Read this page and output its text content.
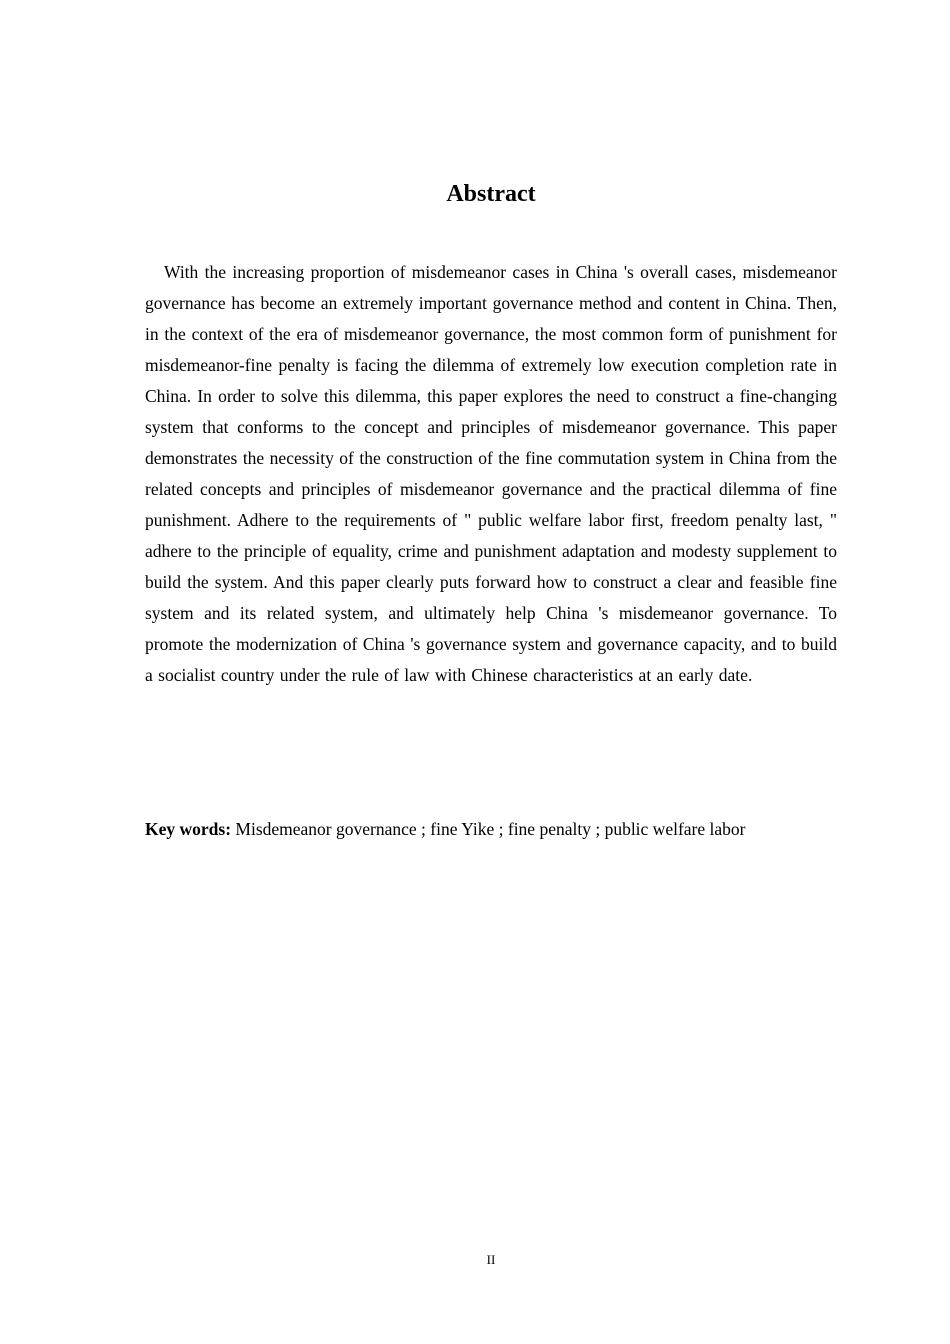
Abstract

With the increasing proportion of misdemeanor cases in China 's overall cases, misdemeanor governance has become an extremely important governance method and content in China. Then, in the context of the era of misdemeanor governance, the most common form of punishment for misdemeanor-fine penalty is facing the dilemma of extremely low execution completion rate in China. In order to solve this dilemma, this paper explores the need to construct a fine-changing system that conforms to the concept and principles of misdemeanor governance. This paper demonstrates the necessity of the construction of the fine commutation system in China from the related concepts and principles of misdemeanor governance and the practical dilemma of fine punishment. Adhere to the requirements of " public welfare labor first, freedom penalty last, " adhere to the principle of equality, crime and punishment adaptation and modesty supplement to build the system. And this paper clearly puts forward how to construct a clear and feasible fine system and its related system, and ultimately help China 's misdemeanor governance. To promote the modernization of China 's governance system and governance capacity, and to build a socialist country under the rule of law with Chinese characteristics at an early date.

Key words: Misdemeanor governance ; fine Yike ; fine penalty ; public welfare labor

II
